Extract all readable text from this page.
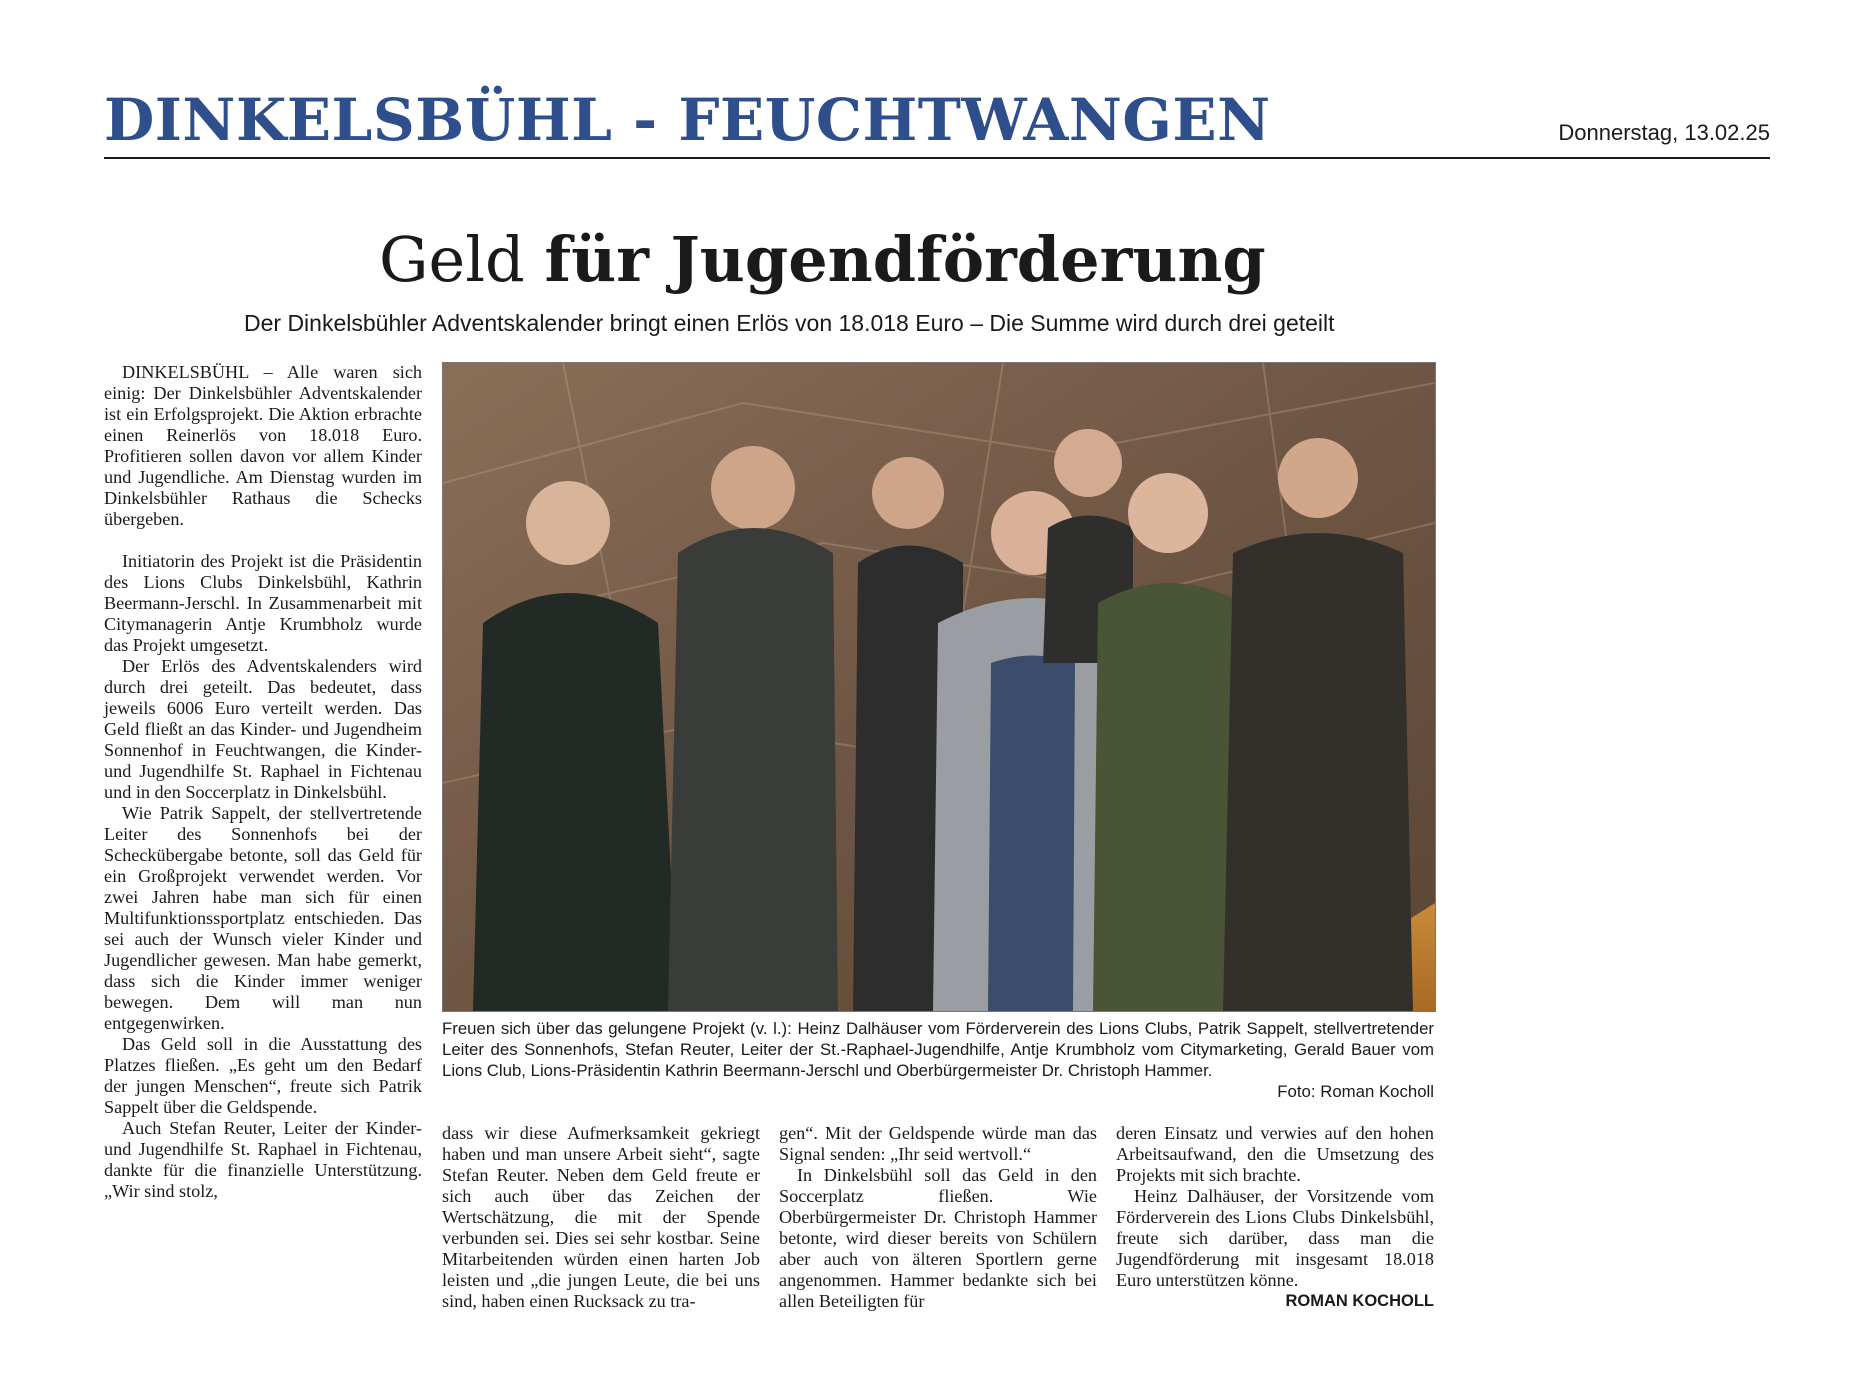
DINKELSBÜHL - FEUCHTWANGEN	Donnerstag, 13.02.25
Geld für Jugendförderung
Der Dinkelsbühler Adventskalender bringt einen Erlös von 18.018 Euro – Die Summe wird durch drei geteilt

DINKELSBÜHL – Alle waren sich einig: Der Dinkelsbühler Adventskalender ist ein Erfolgsprojekt. Die Aktion erbrachte einen Reinerlös von 18.018 Euro. Profitieren sollen davon vor allem Kinder und Jugendliche. Am Dienstag wurden im Dinkelsbühler Rathaus die Schecks übergeben.

Initiatorin des Projekt ist die Präsidentin des Lions Clubs Dinkelsbühl, Kathrin Beermann-Jerschl. In Zusammenarbeit mit Citymanagerin Antje Krumbholz wurde das Projekt umgesetzt.

Der Erlös des Adventskalenders wird durch drei geteilt. Das bedeutet, dass jeweils 6006 Euro verteilt werden. Das Geld fließt an das Kinder- und Jugendheim Sonnenhof in Feuchtwangen, die Kinder- und Jugendhilfe St. Raphael in Fichtenau und in den Soccerplatz in Dinkelsbühl.

Wie Patrik Sappelt, der stellvertretende Leiter des Sonnenhofs bei der Scheckübergabe betonte, soll das Geld für ein Großprojekt verwendet werden. Vor zwei Jahren habe man sich für einen Multifunktionssportplatz entschieden. Das sei auch der Wunsch vieler Kinder und Jugendlicher gewesen. Man habe gemerkt, dass sich die Kinder immer weniger bewegen. Dem will man nun entgegenwirken.

Das Geld soll in die Ausstattung des Platzes fließen. „Es geht um den Bedarf der jungen Menschen“, freute sich Patrik Sappelt über die Geldspende.

Auch Stefan Reuter, Leiter der Kinder- und Jugendhilfe St. Raphael in Fichtenau, dankte für die finanzielle Unterstützung. „Wir sind stolz,

Freuen sich über das gelungene Projekt (v. l.): Heinz Dalhäuser vom Förderverein des Lions Clubs, Patrik Sappelt, stellvertretender Leiter des Sonnenhofs, Stefan Reuter, Leiter der St.-Raphael-Jugendhilfe, Antje Krumbholz vom Citymarketing, Gerald Bauer vom Lions Club, Lions-Präsidentin Kathrin Beermann-Jerschl und Oberbürgermeister Dr. Christoph Hammer.
Foto: Roman Kocholl

dass wir diese Aufmerksamkeit gekriegt haben und man unsere Arbeit sieht“, sagte Stefan Reuter. Neben dem Geld freute er sich auch über das Zeichen der Wertschätzung, die mit der Spende verbunden sei. Dies sei sehr kostbar. Seine Mitarbeitenden würden einen harten Job leisten und „die jungen Leute, die bei uns sind, haben einen Rucksack zu tra-

gen“. Mit der Geldspende würde man das Signal senden: „Ihr seid wertvoll.“

In Dinkelsbühl soll das Geld in den Soccerplatz fließen. Wie Oberbürgermeister Dr. Christoph Hammer betonte, wird dieser bereits von Schülern aber auch von älteren Sportlern gerne angenommen. Hammer bedankte sich bei allen Beteiligten für

deren Einsatz und verwies auf den hohen Arbeitsaufwand, den die Umsetzung des Projekts mit sich brachte.

Heinz Dalhäuser, der Vorsitzende vom Förderverein des Lions Clubs Dinkelsbühl, freute sich darüber, dass man die Jugendförderung mit insgesamt 18.018 Euro unterstützen könne.

ROMAN KOCHOLL
